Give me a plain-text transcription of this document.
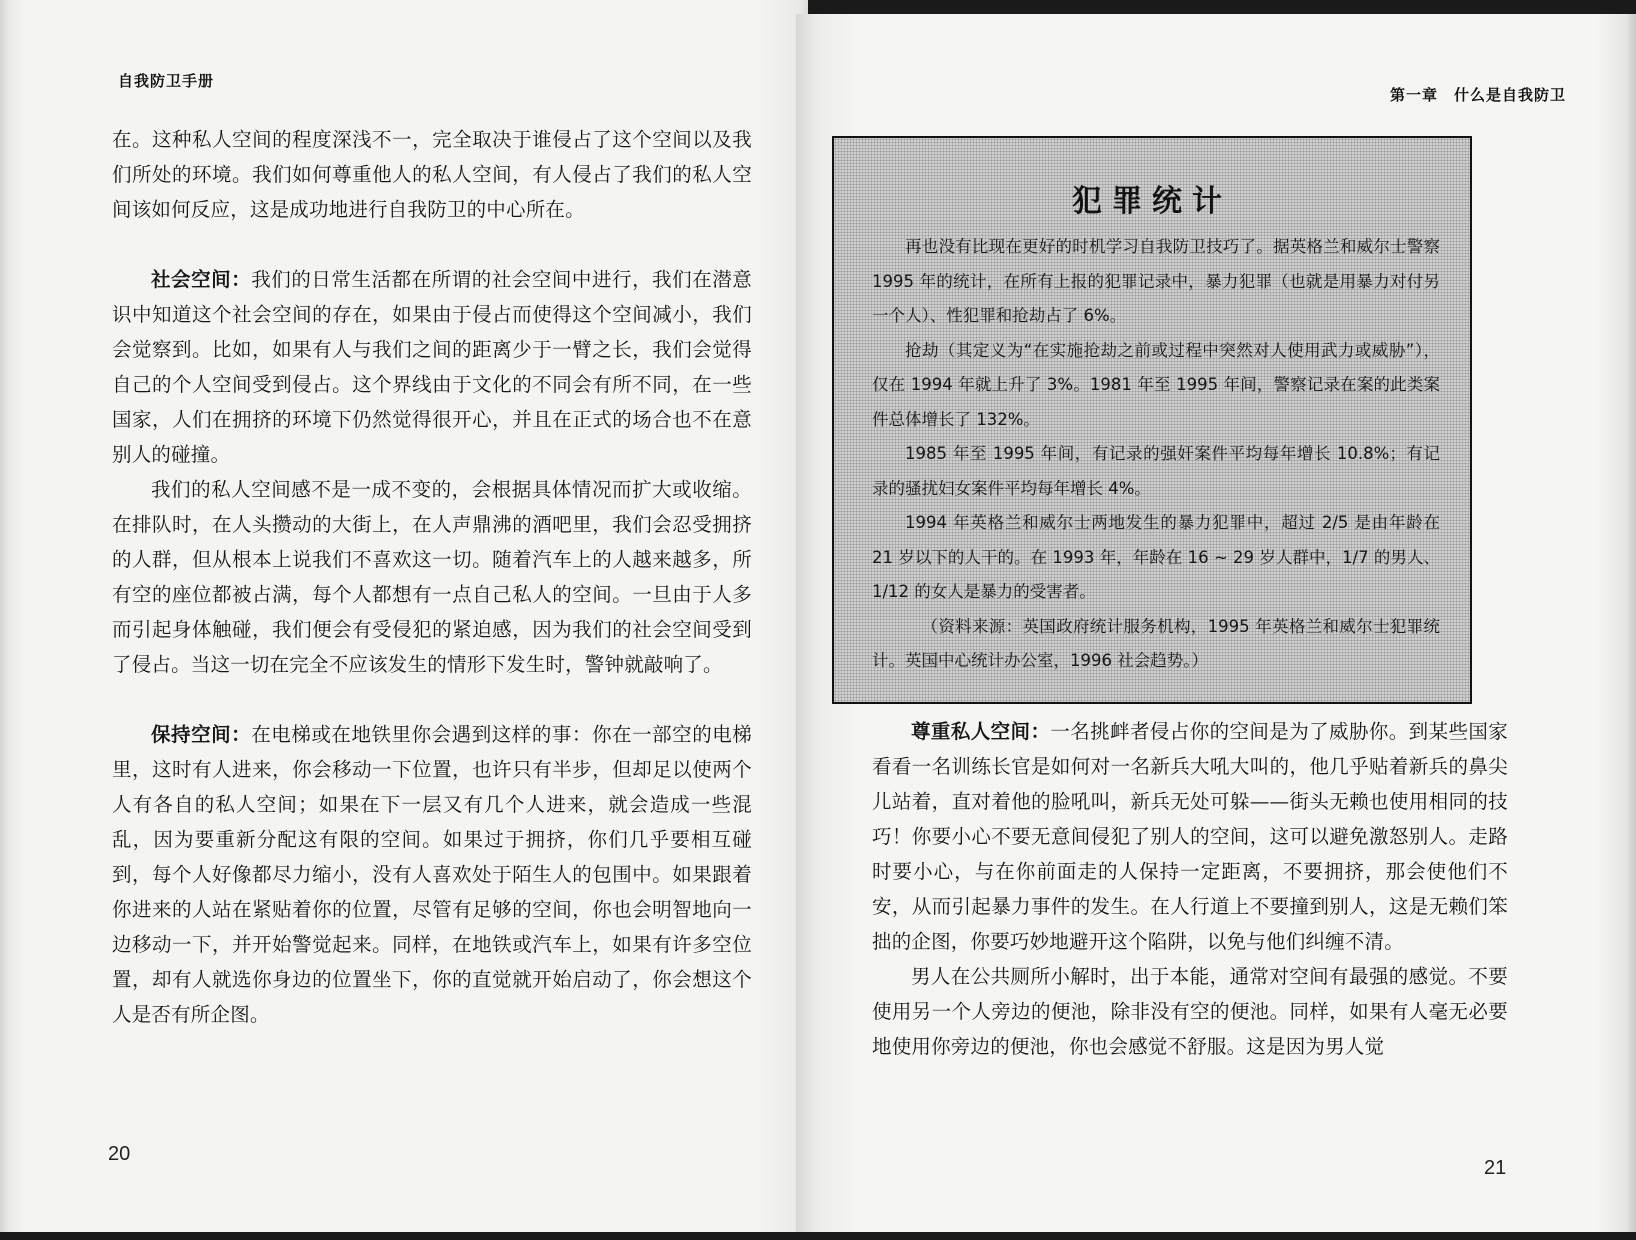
自我防卫手册

在。这种私人空间的程度深浅不一，完全取决于谁侵占了这个空间以及我们所处的环境。我们如何尊重他人的私人空间，有人侵占了我们的私人空间该如何反应，这是成功地进行自我防卫的中心所在。

社会空间：我们的日常生活都在所谓的社会空间中进行，我们在潜意识中知道这个社会空间的存在，如果由于侵占而使得这个空间减小，我们会觉察到。比如，如果有人与我们之间的距离少于一臂之长，我们会觉得自己的个人空间受到侵占。这个界线由于文化的不同会有所不同，在一些国家，人们在拥挤的环境下仍然觉得很开心，并且在正式的场合也不在意别人的碰撞。

我们的私人空间感不是一成不变的，会根据具体情况而扩大或收缩。在排队时，在人头攒动的大街上，在人声鼎沸的酒吧里，我们会忍受拥挤的人群，但从根本上说我们不喜欢这一切。随着汽车上的人越来越多，所有空的座位都被占满，每个人都想有一点自己私人的空间。一旦由于人多而引起身体触碰，我们便会有受侵犯的紧迫感，因为我们的社会空间受到了侵占。当这一切在完全不应该发生的情形下发生时，警钟就敲响了。

保持空间：在电梯或在地铁里你会遇到这样的事：你在一部空的电梯里，这时有人进来，你会移动一下位置，也许只有半步，但却足以使两个人有各自的私人空间；如果在下一层又有几个人进来，就会造成一些混乱，因为要重新分配这有限的空间。如果过于拥挤，你们几乎要相互碰到，每个人好像都尽力缩小，没有人喜欢处于陌生人的包围中。如果跟着你进来的人站在紧贴着你的位置，尽管有足够的空间，你也会明智地向一边移动一下，并开始警觉起来。同样，在地铁或汽车上，如果有许多空位置，却有人就选你身边的位置坐下，你的直觉就开始启动了，你会想这个人是否有所企图。

20
第一章　什么是自我防卫
犯罪统计

再也没有比现在更好的时机学习自我防卫技巧了。据英格兰和威尔士警察 1995 年的统计，在所有上报的犯罪记录中，暴力犯罪（也就是用暴力对付另一个人）、性犯罪和抢劫占了 6%。

抢劫（其定义为“在实施抢劫之前或过程中突然对人使用武力或威胁”），仅在 1994 年就上升了 3%。1981 年至 1995 年间，警察记录在案的此类案件总体增长了 132%。

1985 年至 1995 年间，有记录的强奸案件平均每年增长 10.8%；有记录的骚扰妇女案件平均每年增长 4%。

1994 年英格兰和威尔士两地发生的暴力犯罪中，超过 2/5 是由年龄在 21 岁以下的人干的。在 1993 年，年龄在 16 ~ 29 岁人群中，1/7 的男人、1/12 的女人是暴力的受害者。

（资料来源：英国政府统计服务机构，1995 年英格兰和威尔士犯罪统计。英国中心统计办公室，1996 社会趋势。）

尊重私人空间：一名挑衅者侵占你的空间是为了威胁你。到某些国家看看一名训练长官是如何对一名新兵大吼大叫的，他几乎贴着新兵的鼻尖儿站着，直对着他的脸吼叫，新兵无处可躲——街头无赖也使用相同的技巧！你要小心不要无意间侵犯了别人的空间，这可以避免激怒别人。走路时要小心，与在你前面走的人保持一定距离，不要拥挤，那会使他们不安，从而引起暴力事件的发生。在人行道上不要撞到别人，这是无赖们笨拙的企图，你要巧妙地避开这个陷阱，以免与他们纠缠不清。

男人在公共厕所小解时，出于本能，通常对空间有最强的感觉。不要使用另一个人旁边的便池，除非没有空的便池。同样，如果有人毫无必要地使用你旁边的便池，你也会感觉不舒服。这是因为男人觉

21
